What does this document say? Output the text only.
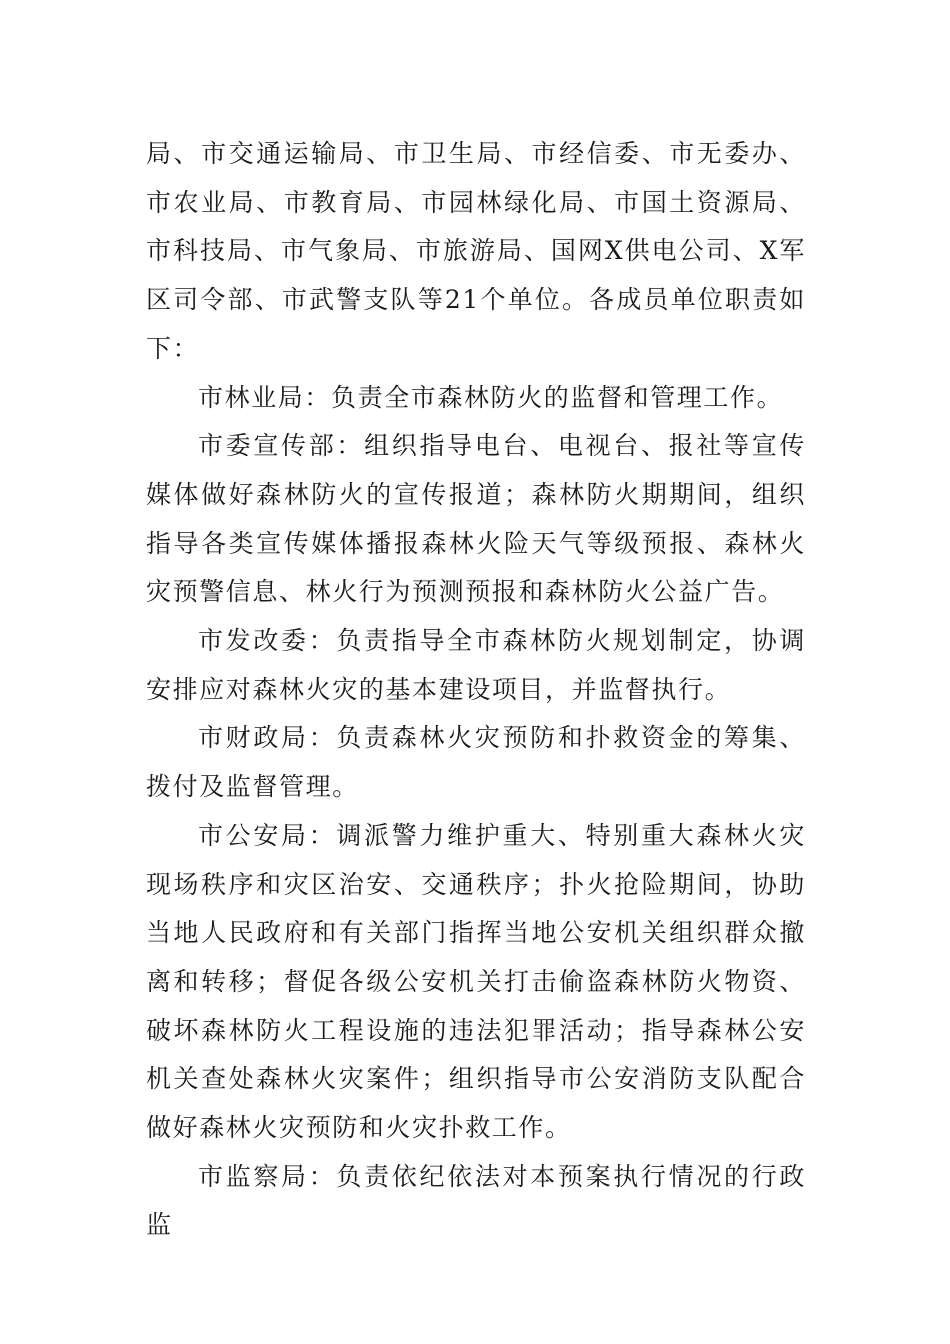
局、市交通运输局、市卫生局、市经信委、市无委办、市农业局、市教育局、市园林绿化局、市国土资源局、市科技局、市气象局、市旅游局、国网X供电公司、X军区司令部、市武警支队等21个单位。各成员单位职责如下：

市林业局：负责全市森林防火的监督和管理工作。

市委宣传部：组织指导电台、电视台、报社等宣传媒体做好森林防火的宣传报道；森林防火期期间，组织指导各类宣传媒体播报森林火险天气等级预报、森林火灾预警信息、林火行为预测预报和森林防火公益广告。

市发改委：负责指导全市森林防火规划制定，协调安排应对森林火灾的基本建设项目，并监督执行。

市财政局：负责森林火灾预防和扑救资金的筹集、拨付及监督管理。

市公安局：调派警力维护重大、特别重大森林火灾现场秩序和灾区治安、交通秩序；扑火抢险期间，协助当地人民政府和有关部门指挥当地公安机关组织群众撤离和转移；督促各级公安机关打击偷盗森林防火物资、破坏森林防火工程设施的违法犯罪活动；指导森林公安机关查处森林火灾案件；组织指导市公安消防支队配合做好森林火灾预防和火灾扑救工作。

市监察局：负责依纪依法对本预案执行情况的行政监
